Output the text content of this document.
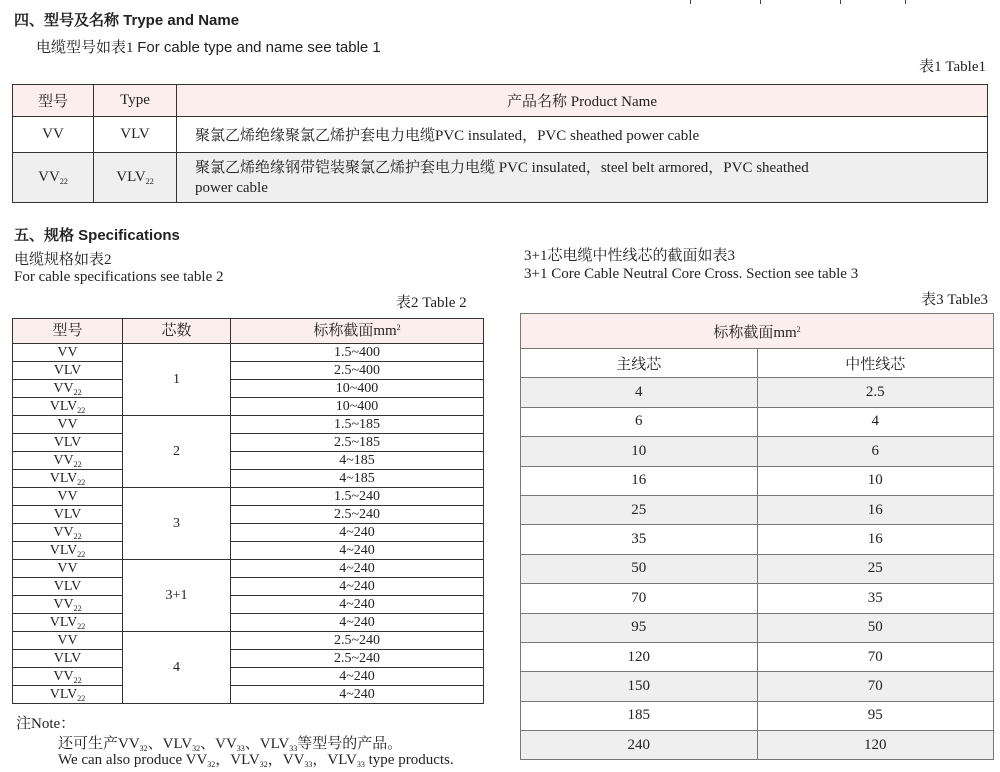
四、型号及名称 Trype and Name
电缆型号如表1 For cable type and name see table 1
表1 Table1
型号	Type	产品名称 Product Name
VV	VLV	聚氯乙烯绝缘聚氯乙烯护套电力电缆PVC insulated，PVC sheathed power cable
$VV_{22}$	$VLV_{22}$	聚氯乙烯绝缘钢带铠装聚氯乙烯护套电力电缆 PVC insulated，steel belt armored，PVC sheathed
power cable
五、规格 Specifications
电缆规格如表2
For cable specifications see table 2
表2 Table 2
型号	芯数	标称截面$mm^2$
VV	1	1.5~400
VLV		2.5~400
$VV_{22}$		10~400
$VLV_{22}$		10~400
VV	2	1.5~185
VLV		2.5~185
$VV_{22}$		4~185
$VLV_{22}$		4~185
VV	3	1.5~240
VLV		2.5~240
$VV_{22}$		4~240
$VLV_{22}$		4~240
VV	3+1	4~240
VLV		4~240
$VV_{22}$		4~240
$VLV_{22}$		4~240
VV	4	2.5~240
VLV		2.5~240
$VV_{22}$		4~240
$VLV_{22}$		4~240
3+1芯电缆中性线芯的截面如表3
3+1 Core Cable Neutral Core Cross. Section see table 3
表3 Table3
标称截面$mm^2$
主线芯	中性线芯
4	2.5
6	4
10	6
16	10
25	16
35	16
50	25
70	35
95	50
120	70
150	70
185	95
240	120
注Note：
还可生产$VV_{32}$、$VLV_{32}$、$VV_{33}$、$VLV_{33}$等型号的产品。
We can also produce $VV_{32}$，$VLV_{32}$，$VV_{33}$，$VLV_{33}$ type products.
